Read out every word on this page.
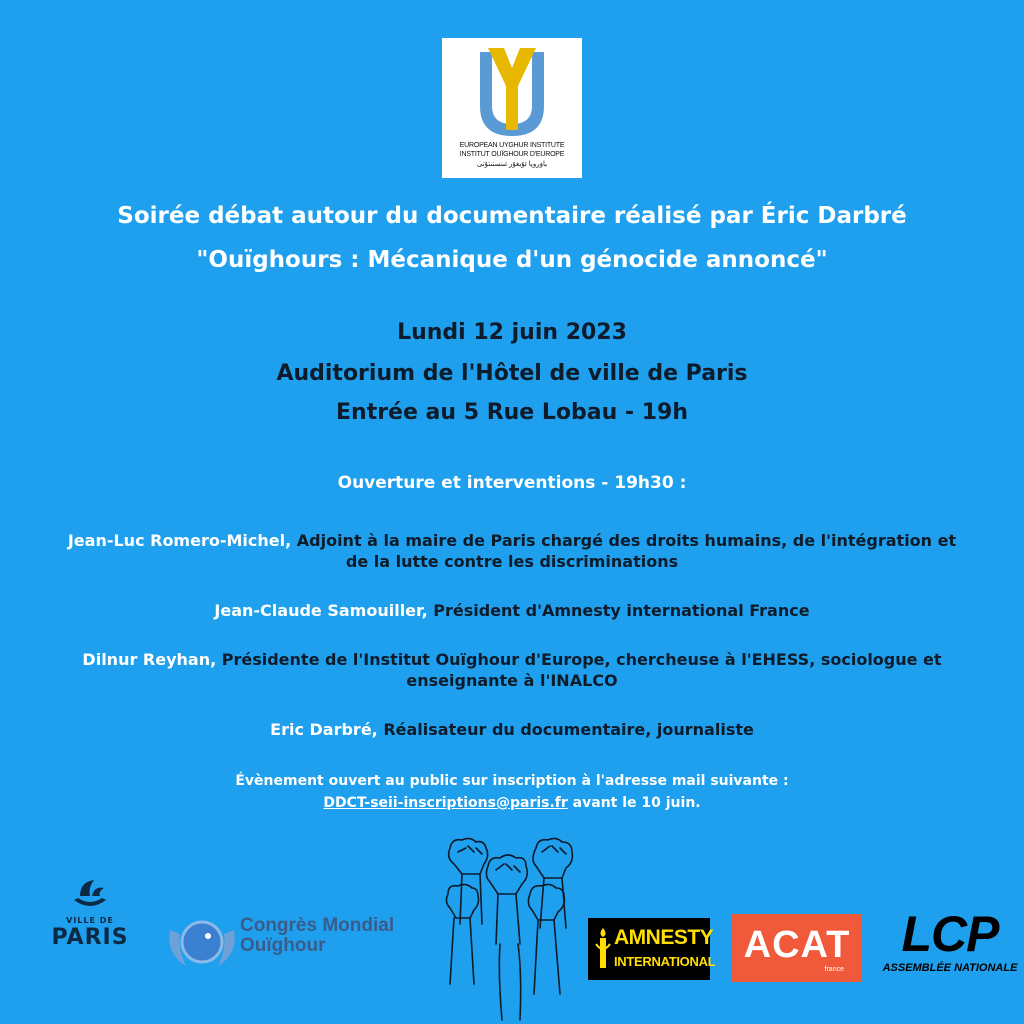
EUROPEAN UYGHUR INSTITUTE
INSTITUT OUÏGHOUR D'EUROPE
ياۋروپا ئۇيغۇر ئىنستىتۇتى
Soirée débat autour du documentaire réalisé par Éric Darbré
"Ouïghours : Mécanique d'un génocide annoncé"
Lundi 12 juin 2023
Auditorium de l'Hôtel de ville de Paris
Entrée au 5 Rue Lobau - 19h
Ouverture et interventions - 19h30 :
Jean-Luc Romero-Michel, Adjoint à la maire de Paris chargé des droits humains, de l'intégration et
de la lutte contre les discriminations
Jean-Claude Samouiller, Président d'Amnesty international France
Dilnur Reyhan, Présidente de l'Institut Ouïghour d'Europe, chercheuse à l'EHESS, sociologue et
enseignante à l'INALCO
Eric Darbré, Réalisateur du documentaire, journaliste
Évènement ouvert au public sur inscription à l'adresse mail suivante :
DDCT-seii-inscriptions@paris.fr avant le 10 juin.
VILLE DE
PARIS	Congrès Mondial
Ouïghour	AMNESTY
INTERNATIONAL ACAT
france
LCP
ASSEMBLÉE NATIONALE
